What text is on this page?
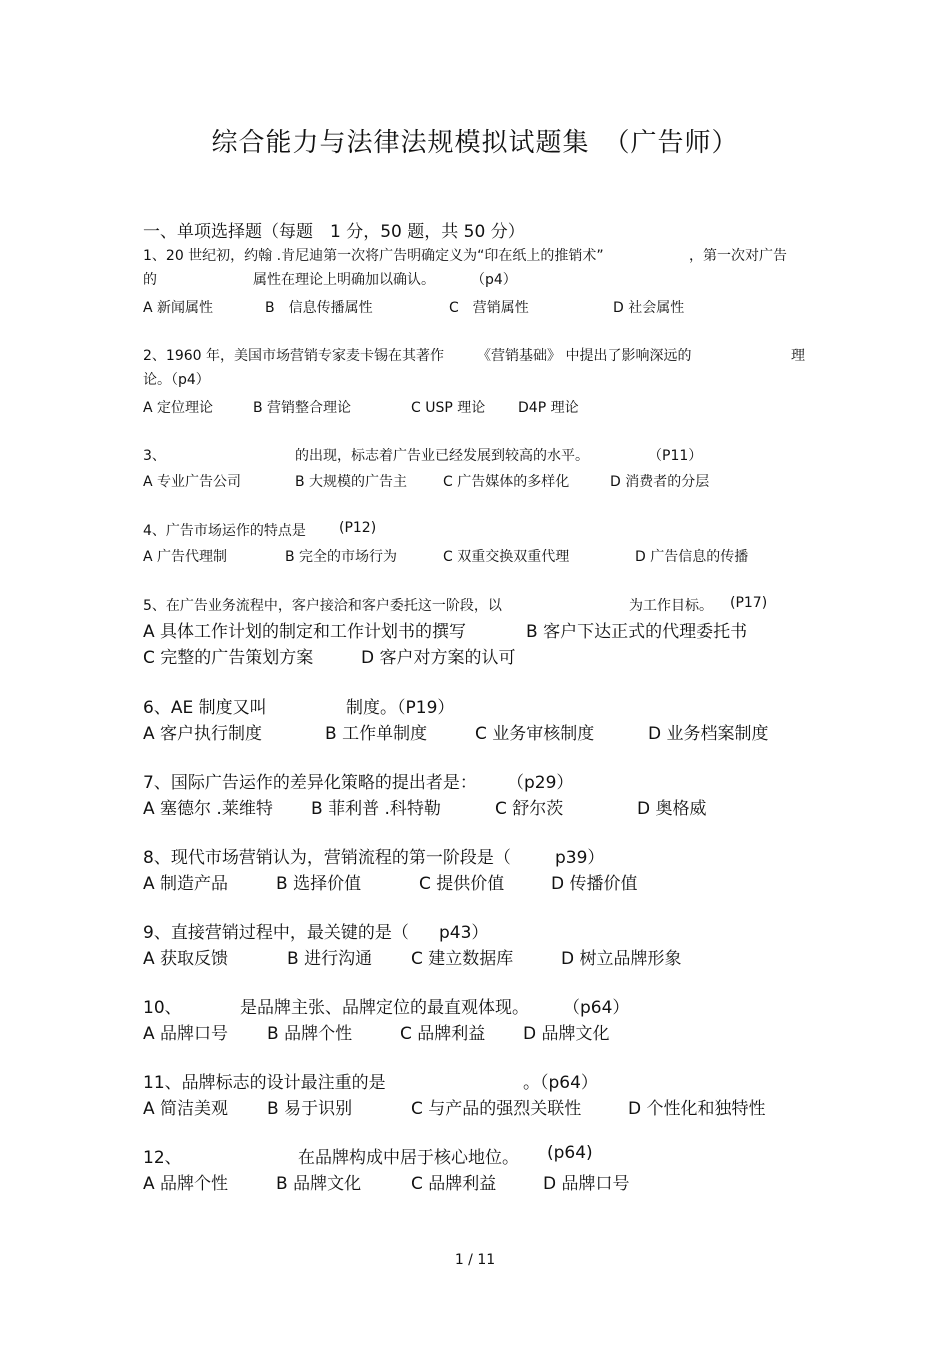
综合能力与法律法规模拟试题集　（广告师）
一、单项选择题（每题　1 分，50 题，共 50 分）
1、20 世纪初，约翰 .肯尼迪第一次将广告明确定义为“印在纸上的推销术”	，第一次对广告
的	属性在理论上明确加以确认。	（p4）
A 新闻属性	B　信息传播属性	C　营销属性	D 社会属性
2、1960 年，美国市场营销专家麦卡锡在其著作 《营销基础》 中提出了影响深远的	理
论。（p4）
A 定位理论	B 营销整合理论	C USP 理论 D4P 理论
3、	的出现，标志着广告业已经发展到较高的水平。	（P11）
A 专业广告公司	B 大规模的广告主	C 广告媒体的多样化	D 消费者的分层
4、广告市场运作的特点是 (P12)
A 广告代理制	B 完全的市场行为	C 双重交换双重代理	D 广告信息的传播
5、在广告业务流程中，客户接洽和客户委托这一阶段，以	为工作目标。 (P17)
A 具体工作计划的制定和工作计划书的撰写	B 客户下达正式的代理委托书
C 完整的广告策划方案	D 客户对方案的认可
6、AE 制度又叫	制度。（P19）
A 客户执行制度	B 工作单制度	C 业务审核制度	D 业务档案制度
7、国际广告运作的差异化策略的提出者是： （p29）
A 塞德尔 .莱维特 B 菲利普 .科特勒	C 舒尔茨	D 奥格威
8、现代市场营销认为，营销流程的第一阶段是（	p39）
A 制造产品	B 选择价值	C 提供价值	D 传播价值
9、直接营销过程中，最关键的是（ p43）
A 获取反馈	B 进行沟通 C 建立数据库	D 树立品牌形象
10、	是品牌主张、品牌定位的最直观体现。 （p64）
A 品牌口号 B 品牌个性	C 品牌利益 D 品牌文化
11、品牌标志的设计最注重的是	。（p64）
A 简洁美观 B 易于识别	C 与产品的强烈关联性	D 个性化和独特性
12、	在品牌构成中居于核心地位。 (p64)
A 品牌个性	B 品牌文化	C 品牌利益	D 品牌口号
1 / 11
